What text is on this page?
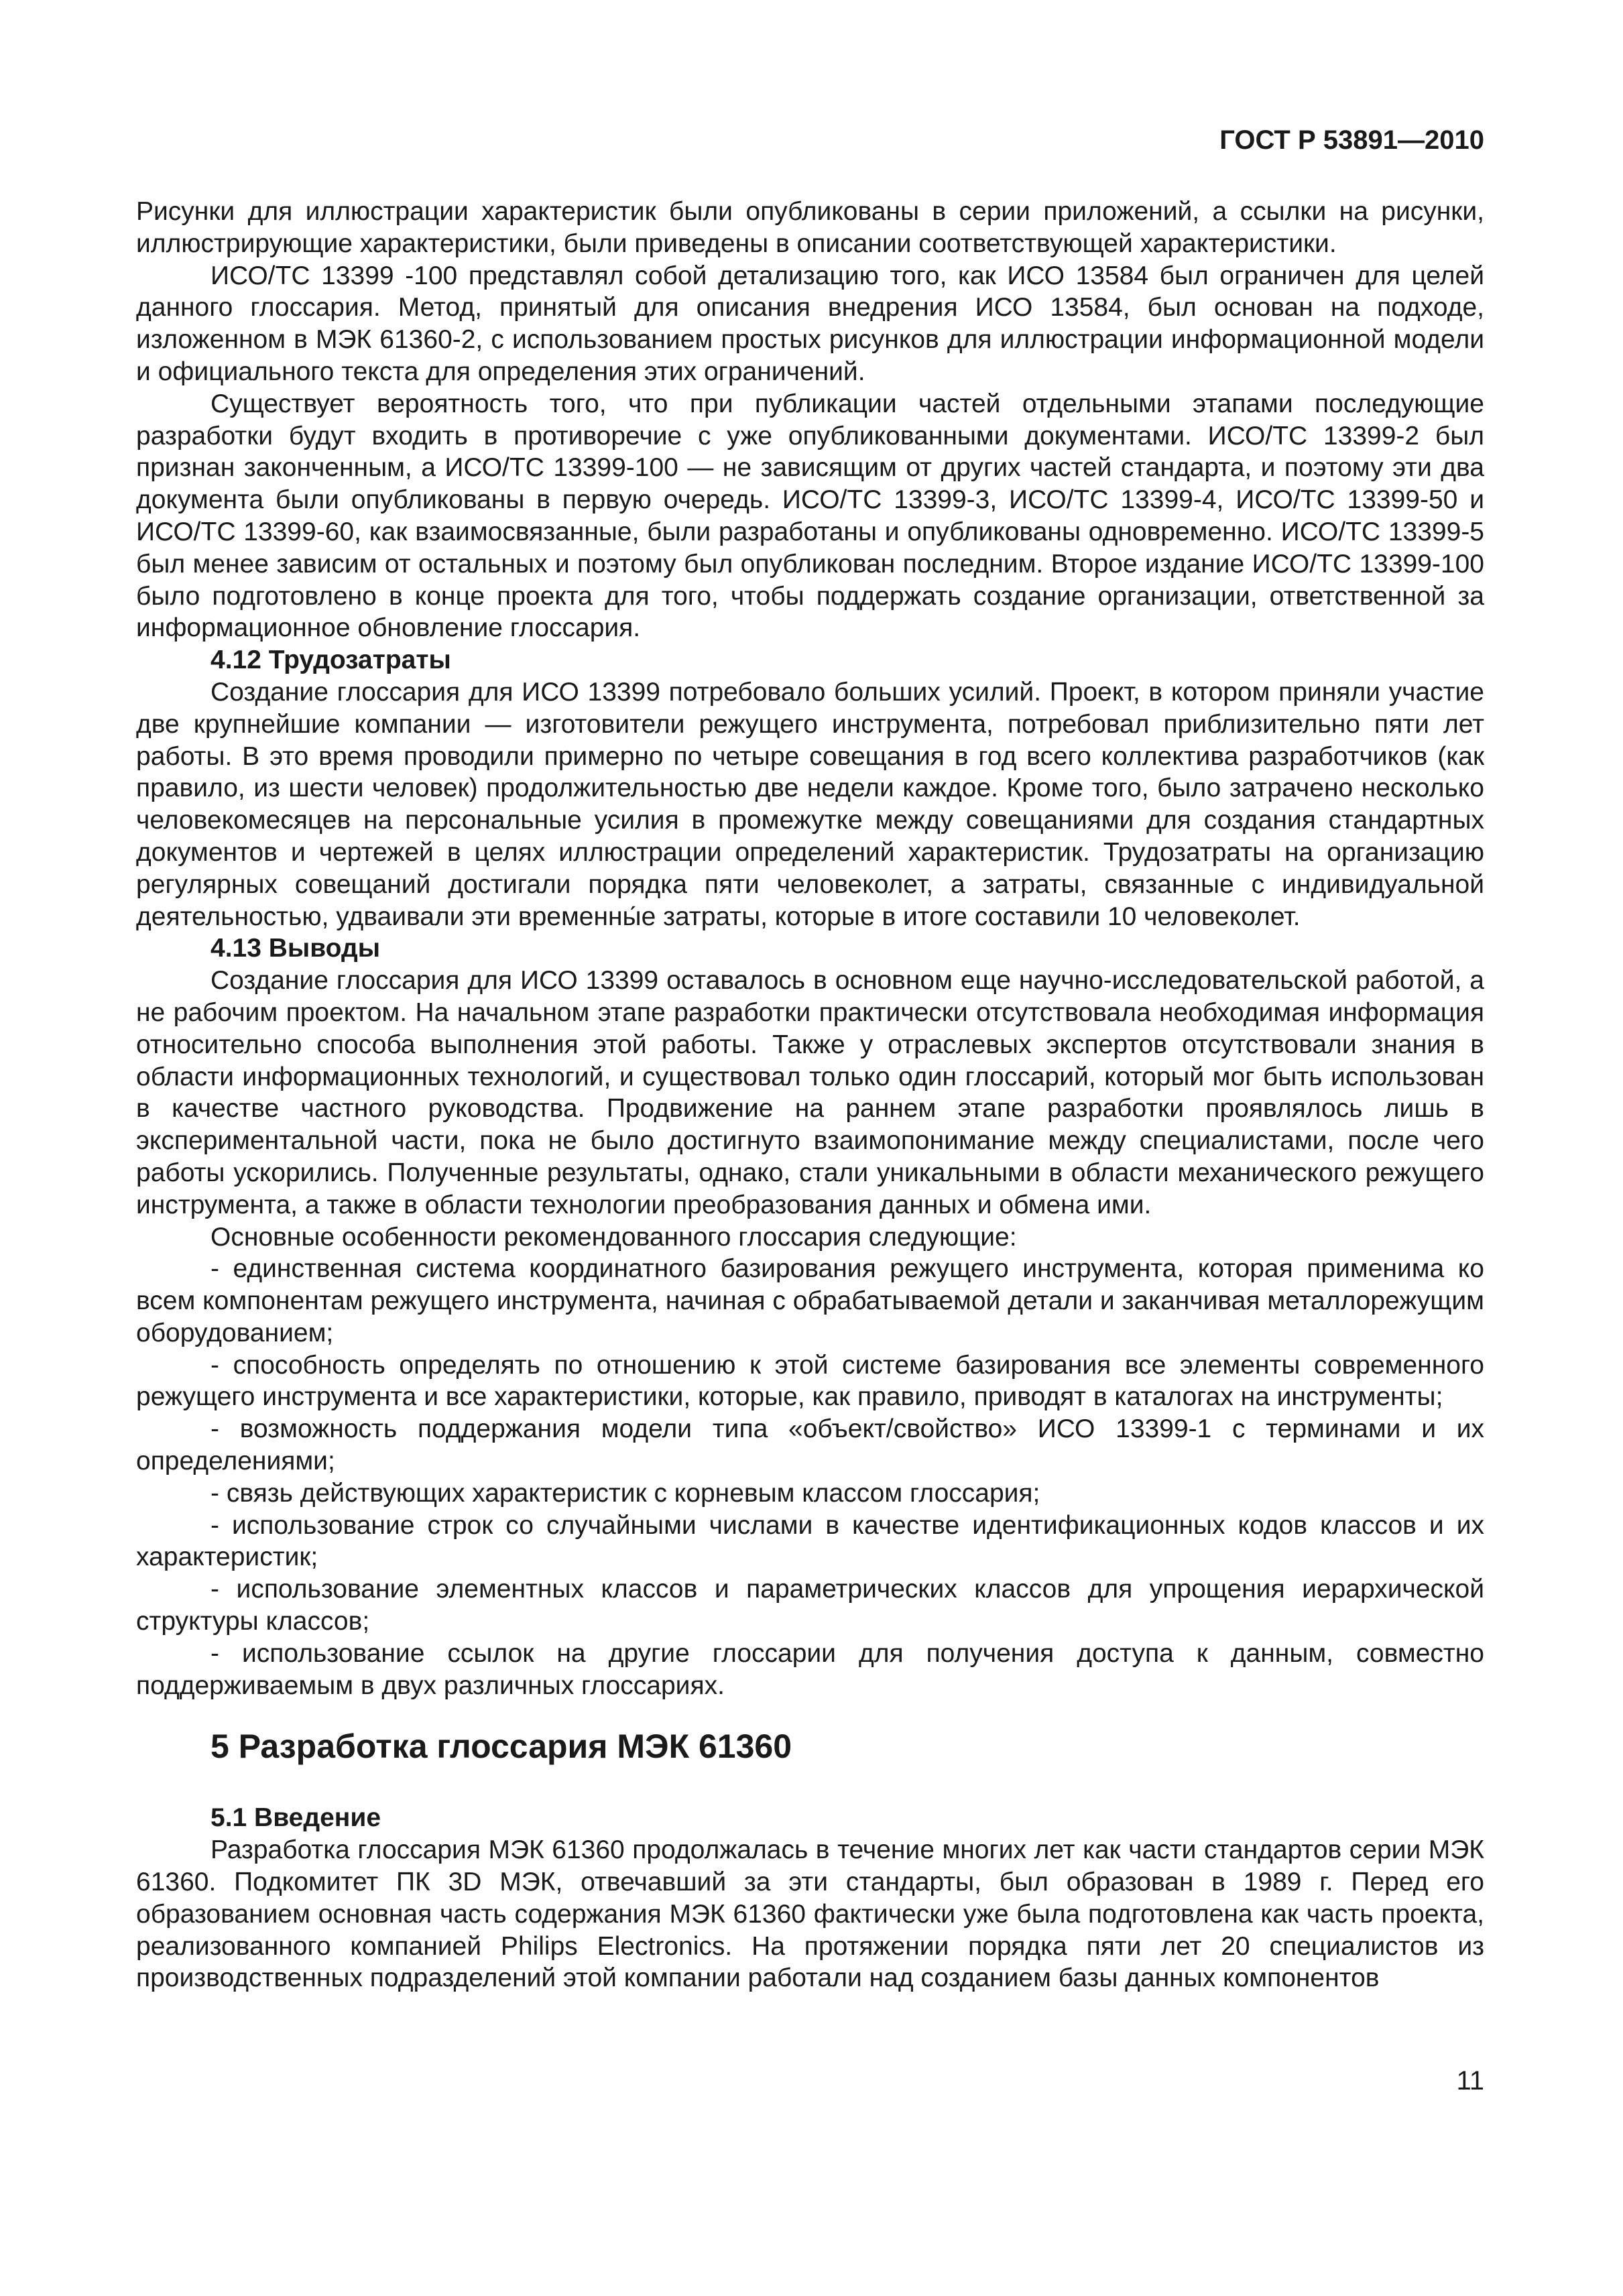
ГОСТ Р 53891—2010

Рисунки для иллюстрации характеристик были опубликованы в серии приложений, а ссылки на рисунки, иллюстрирующие характеристики, были приведены в описании соответствующей характеристики.

ИСО/ТС 13399 -100 представлял собой детализацию того, как ИСО 13584 был ограничен для целей данного глоссария. Метод, принятый для описания внедрения ИСО 13584, был основан на подходе, изложенном в МЭК 61360-2, с использованием простых рисунков для иллюстрации информационной модели и официального текста для определения этих ограничений.

Существует вероятность того, что при публикации частей отдельными этапами последующие разработки будут входить в противоречие с уже опубликованными документами. ИСО/ТС 13399-2 был признан законченным, а ИСО/ТС 13399-100 — не зависящим от других частей стандарта, и поэтому эти два документа были опубликованы в первую очередь. ИСО/ТС 13399-3, ИСО/ТС 13399-4, ИСО/ТС 13399-50 и ИСО/ТС 13399-60, как взаимосвязанные, были разработаны и опубликованы одновременно. ИСО/ТС 13399-5 был менее зависим от остальных и поэтому был опубликован последним. Второе издание ИСО/ТС 13399-100 было подготовлено в конце проекта для того, чтобы поддержать создание организации, ответственной за информационное обновление глоссария.

4.12 Трудозатраты

Создание глоссария для ИСО 13399 потребовало больших усилий. Проект, в котором приняли участие две крупнейшие компании — изготовители режущего инструмента, потребовал приблизительно пяти лет работы. В это время проводили примерно по четыре совещания в год всего коллектива разработчиков (как правило, из шести человек) продолжительностью две недели каждое. Кроме того, было затрачено несколько человекомесяцев на персональные усилия в промежутке между совещаниями для создания стандартных документов и чертежей в целях иллюстрации определений характеристик. Трудозатраты на организацию регулярных совещаний достигали порядка пяти человеколет, а затраты, связанные с индивидуальной деятельностью, удваивали эти временны́е затраты, которые в итоге составили 10 человеколет.

4.13 Выводы

Создание глоссария для ИСО 13399 оставалось в основном еще научно-исследовательской работой, а не рабочим проектом. На начальном этапе разработки практически отсутствовала необходимая информация относительно способа выполнения этой работы. Также у отраслевых экспертов отсутствовали знания в области информационных технологий, и существовал только один глоссарий, который мог быть использован в качестве частного руководства. Продвижение на раннем этапе разработки проявлялось лишь в экспериментальной части, пока не было достигнуто взаимопонимание между специалистами, после чего работы ускорились. Полученные результаты, однако, стали уникальными в области механического режущего инструмента, а также в области технологии преобразования данных и обмена ими.

Основные особенности рекомендованного глоссария следующие:

- единственная система координатного базирования режущего инструмента, которая применима ко всем компонентам режущего инструмента, начиная с обрабатываемой детали и заканчивая металлорежущим оборудованием;

- способность определять по отношению к этой системе базирования все элементы современного режущего инструмента и все характеристики, которые, как правило, приводят в каталогах на инструменты;

- возможность поддержания модели типа «объект/свойство» ИСО 13399-1 с терминами и их определениями;

- связь действующих характеристик с корневым классом глоссария;

- использование строк со случайными числами в качестве идентификационных кодов классов и их характеристик;

- использование элементных классов и параметрических классов для упрощения иерархической структуры классов;

- использование ссылок на другие глоссарии для получения доступа к данным, совместно поддерживаемым в двух различных глоссариях.

5 Разработка глоссария МЭК 61360
5.1 Введение

Разработка глоссария МЭК 61360 продолжалась в течение многих лет как части стандартов серии МЭК 61360. Подкомитет ПК 3D МЭК, отвечавший за эти стандарты, был образован в 1989 г. Перед его образованием основная часть содержания МЭК 61360 фактически уже была подготовлена как часть проекта, реализованного компанией Philips Electronics. На протяжении порядка пяти лет 20 специалистов из производственных подразделений этой компании работали над созданием базы данных компонентов

11
